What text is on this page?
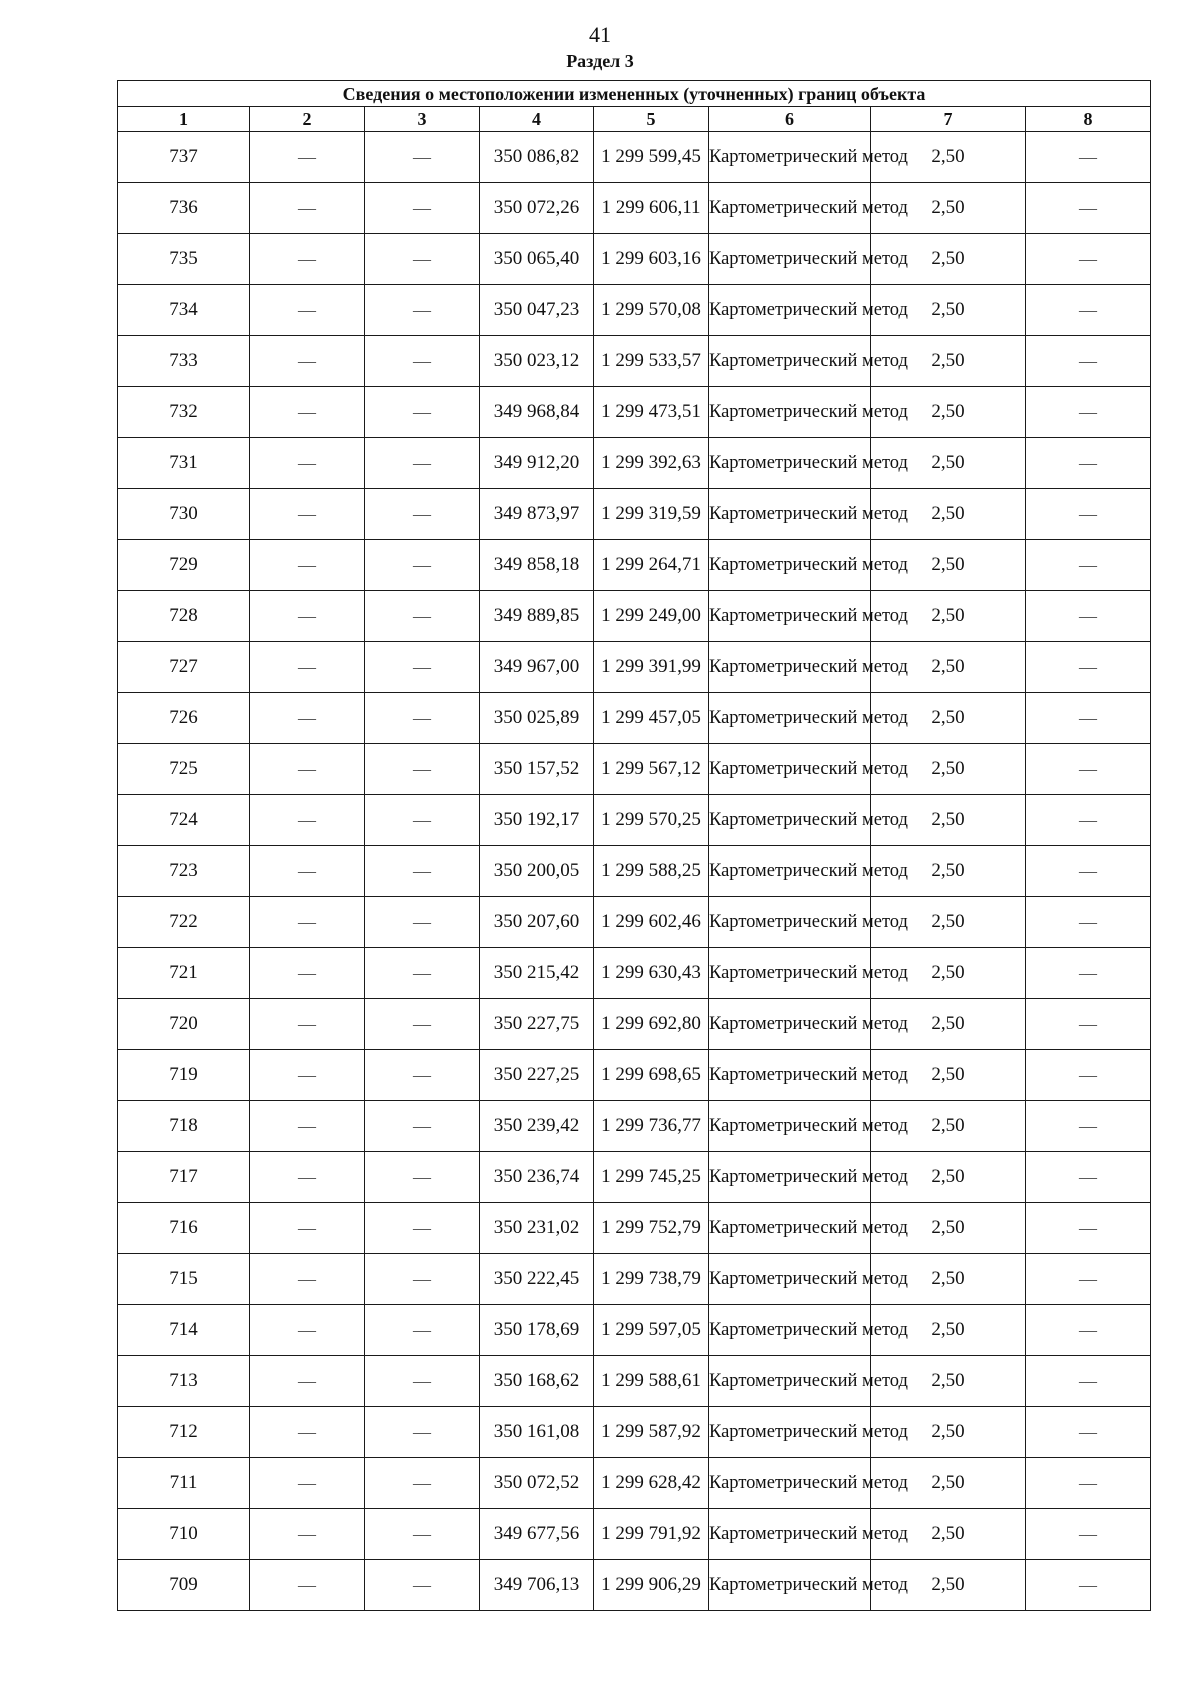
41
Раздел 3
Сведения о местоположении измененных (уточненных) границ объекта							
1	2	3	4	5	6	7	8
737	—	—	350 086,82	1 299 599,45	Картометрический метод	2,50	—
736	—	—	350 072,26	1 299 606,11	Картометрический метод	2,50	—
735	—	—	350 065,40	1 299 603,16	Картометрический метод	2,50	—
734	—	—	350 047,23	1 299 570,08	Картометрический метод	2,50	—
733	—	—	350 023,12	1 299 533,57	Картометрический метод	2,50	—
732	—	—	349 968,84	1 299 473,51	Картометрический метод	2,50	—
731	—	—	349 912,20	1 299 392,63	Картометрический метод	2,50	—
730	—	—	349 873,97	1 299 319,59	Картометрический метод	2,50	—
729	—	—	349 858,18	1 299 264,71	Картометрический метод	2,50	—
728	—	—	349 889,85	1 299 249,00	Картометрический метод	2,50	—
727	—	—	349 967,00	1 299 391,99	Картометрический метод	2,50	—
726	—	—	350 025,89	1 299 457,05	Картометрический метод	2,50	—
725	—	—	350 157,52	1 299 567,12	Картометрический метод	2,50	—
724	—	—	350 192,17	1 299 570,25	Картометрический метод	2,50	—
723	—	—	350 200,05	1 299 588,25	Картометрический метод	2,50	—
722	—	—	350 207,60	1 299 602,46	Картометрический метод	2,50	—
721	—	—	350 215,42	1 299 630,43	Картометрический метод	2,50	—
720	—	—	350 227,75	1 299 692,80	Картометрический метод	2,50	—
719	—	—	350 227,25	1 299 698,65	Картометрический метод	2,50	—
718	—	—	350 239,42	1 299 736,77	Картометрический метод	2,50	—
717	—	—	350 236,74	1 299 745,25	Картометрический метод	2,50	—
716	—	—	350 231,02	1 299 752,79	Картометрический метод	2,50	—
715	—	—	350 222,45	1 299 738,79	Картометрический метод	2,50	—
714	—	—	350 178,69	1 299 597,05	Картометрический метод	2,50	—
713	—	—	350 168,62	1 299 588,61	Картометрический метод	2,50	—
712	—	—	350 161,08	1 299 587,92	Картометрический метод	2,50	—
711	—	—	350 072,52	1 299 628,42	Картометрический метод	2,50	—
710	—	—	349 677,56	1 299 791,92	Картометрический метод	2,50	—
709	—	—	349 706,13	1 299 906,29	Картометрический метод	2,50	—
